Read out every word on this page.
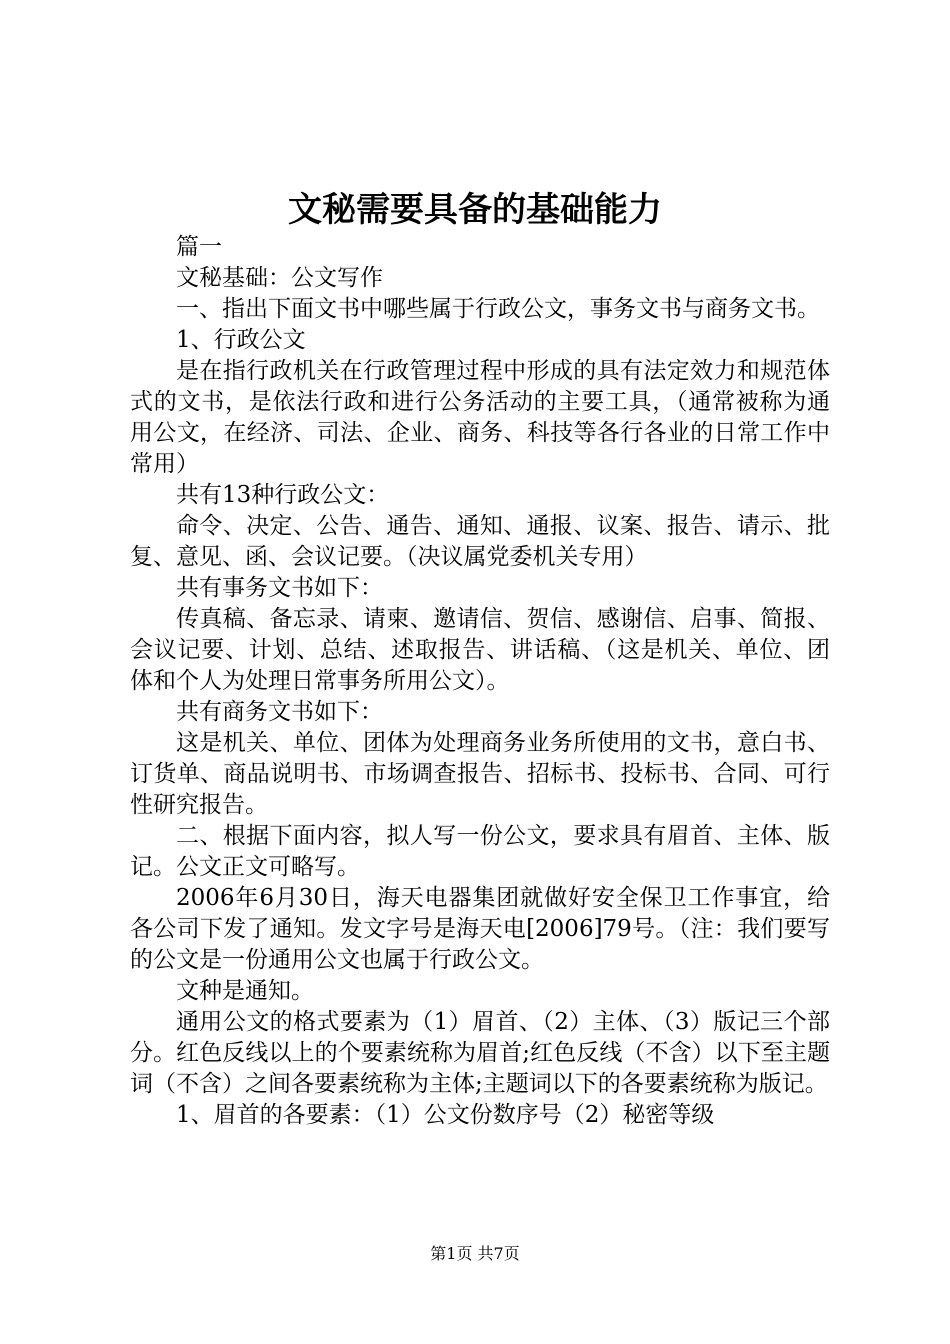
文秘需要具备的基础能力

篇一

文秘基础：公文写作

一、指出下面文书中哪些属于行政公文，事务文书与商务文书。

1、行政公文

是在指行政机关在行政管理过程中形成的具有法定效力和规范体式的文书，是依法行政和进行公务活动的主要工具，（通常被称为通用公文，在经济、司法、企业、商务、科技等各行各业的日常工作中常用）

共有13种行政公文：

命令、决定、公告、通告、通知、通报、议案、报告、请示、批复、意见、函、会议记要。（决议属党委机关专用）

共有事务文书如下：

传真稿、备忘录、请柬、邀请信、贺信、感谢信、启事、简报、会议记要、计划、总结、述取报告、讲话稿、（这是机关、单位、团体和个人为处理日常事务所用公文）。

共有商务文书如下：

这是机关、单位、团体为处理商务业务所使用的文书，意白书、订货单、商品说明书、市场调查报告、招标书、投标书、合同、可行性研究报告。

二、根据下面内容，拟人写一份公文，要求具有眉首、主体、版记。公文正文可略写。

2006年6月30日，海天电器集团就做好安全保卫工作事宜，给各公司下发了通知。发文字号是海天电[2006]79号。（注：我们要写的公文是一份通用公文也属于行政公文。

文种是通知。

通用公文的格式要素为（1）眉首、（2）主体、（3）版记三个部分。红色反线以上的个要素统称为眉首;红色反线（不含）以下至主题词（不含）之间各要素统称为主体;主题词以下的各要素统称为版记。

1、眉首的各要素：（1）公文份数序号（2）秘密等级

第1页 共7页
